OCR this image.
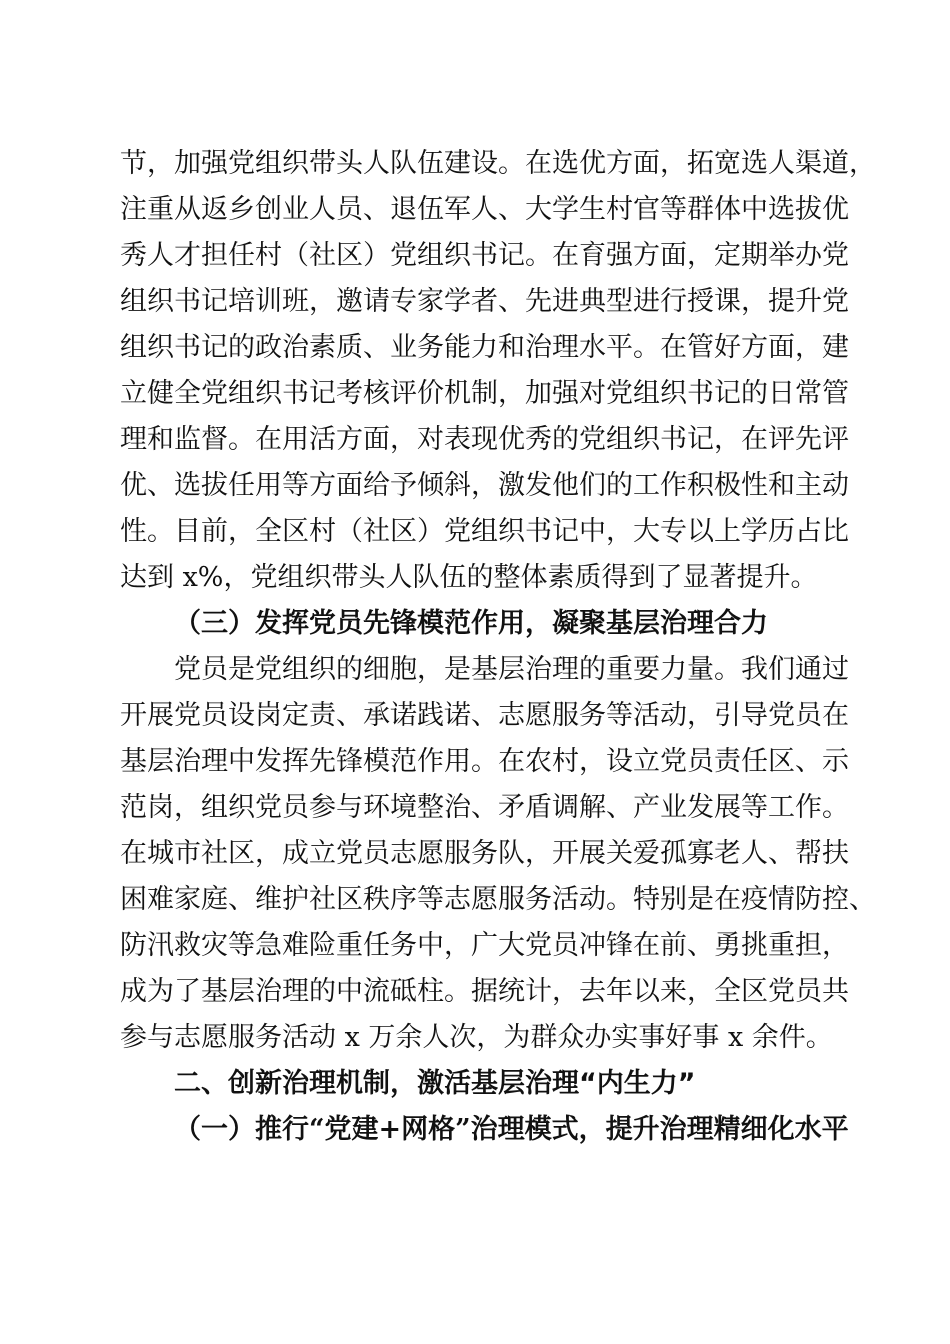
节，加强党组织带头人队伍建设。在选优方面，拓宽选人渠道，
注重从返乡创业人员、退伍军人、大学生村官等群体中选拔优
秀人才担任村（社区）党组织书记。在育强方面，定期举办党
组织书记培训班，邀请专家学者、先进典型进行授课，提升党
组织书记的政治素质、业务能力和治理水平。在管好方面，建
立健全党组织书记考核评价机制，加强对党组织书记的日常管
理和监督。在用活方面，对表现优秀的党组织书记，在评先评
优、选拔任用等方面给予倾斜，激发他们的工作积极性和主动
性。目前，全区村（社区）党组织书记中，大专以上学历占比
达到 x%，党组织带头人队伍的整体素质得到了显著提升。
（三）发挥党员先锋模范作用，凝聚基层治理合力
党员是党组织的细胞，是基层治理的重要力量。我们通过
开展党员设岗定责、承诺践诺、志愿服务等活动，引导党员在
基层治理中发挥先锋模范作用。在农村，设立党员责任区、示
范岗，组织党员参与环境整治、矛盾调解、产业发展等工作。
在城市社区，成立党员志愿服务队，开展关爱孤寡老人、帮扶
困难家庭、维护社区秩序等志愿服务活动。特别是在疫情防控、
防汛救灾等急难险重任务中，广大党员冲锋在前、勇挑重担，
成为了基层治理的中流砥柱。据统计，去年以来，全区党员共
参与志愿服务活动 x 万余人次，为群众办实事好事 x 余件。
二、创新治理机制，激活基层治理“内生力”
（一）推行“党建+网格”治理模式，提升治理精细化水平
